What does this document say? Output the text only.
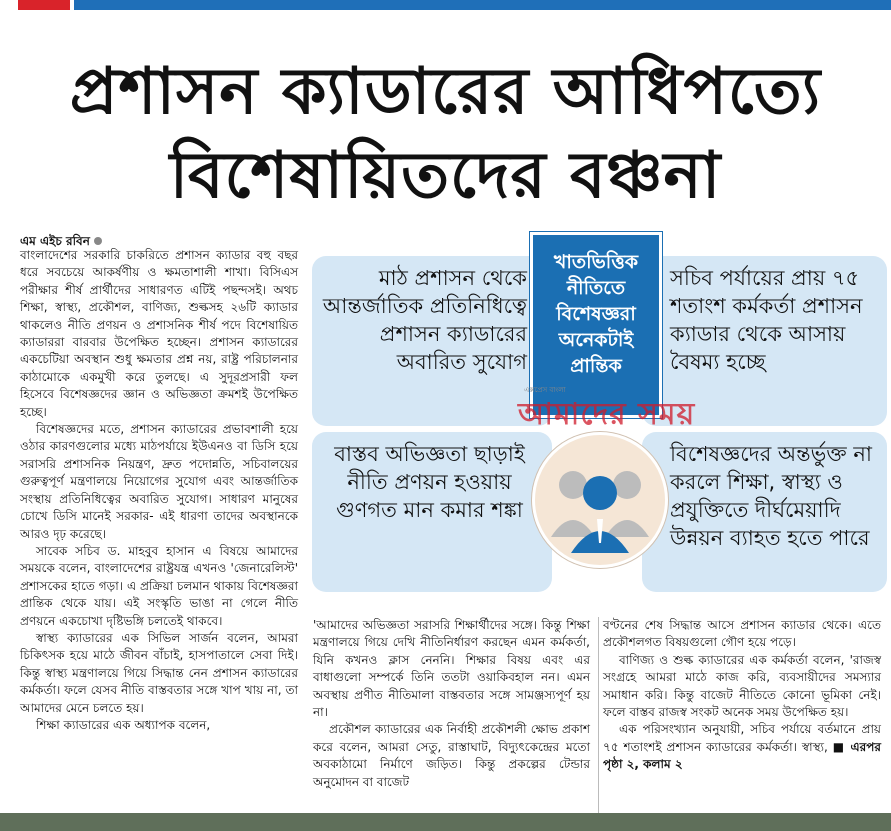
প্রশাসন ক্যাডারের আধিপত্যে
বিশেষায়িতদের বঞ্চনা
এম এইচ রবিন

বাংলাদেশের সরকারি চাকরিতে প্রশাসন ক্যাডার বহু বছর ধরে সবচেয়ে আকর্ষণীয় ও ক্ষমতাশালী শাখা। বিসিএস পরীক্ষার শীর্ষ প্রার্থীদের সাধারণত এটিই পছন্দসই। অথচ শিক্ষা, স্বাস্থ্য, প্রকৌশল, বাণিজ্য, শুল্কসহ ২৬টি ক্যাডার থাকলেও নীতি প্রণয়ন ও প্রশাসনিক শীর্ষ পদে বিশেষায়িত ক্যাডাররা বারবার উপেক্ষিত হচ্ছেন। প্রশাসন ক্যাডারের একচেটিয়া অবস্থান শুধু ক্ষমতার প্রশ্ন নয়, রাষ্ট্র পরিচালনার কাঠামোকে একমুখী করে তুলছে। এ সুদূরপ্রসারী ফল হিসেবে বিশেষজ্ঞদের জ্ঞান ও অভিজ্ঞতা ক্রমশই উপেক্ষিত হচ্ছে।

বিশেষজ্ঞদের মতে, প্রশাসন ক্যাডারের প্রভাবশালী হয়ে ওঠার কারণগুলোর মধ্যে মাঠপর্যায়ে ইউএনও বা ডিসি হয়ে সরাসরি প্রশাসনিক নিয়ন্ত্রণ, দ্রুত পদোন্নতি, সচিবালয়ের গুরুত্বপূর্ণ মন্ত্রণালয়ে নিয়োগের সুযোগ এবং আন্তর্জাতিক সংস্থায় প্রতিনিধিত্বের অবারিত সুযোগ। সাধারণ মানুষের চোখে ডিসি মানেই সরকার- এই ধারণা তাদের অবস্থানকে আরও দৃঢ় করেছে।

সাবেক সচিব ড. মাহবুব হাসান এ বিষয়ে আমাদের সময়কে বলেন, বাংলাদেশের রাষ্ট্রযন্ত্র এখনও 'জেনারেলিস্ট' প্রশাসকের হাতে গড়া। এ প্রক্রিয়া চলমান থাকায় বিশেষজ্ঞরা প্রান্তিক থেকে যায়। এই সংস্কৃতি ভাঙা না গেলে নীতি প্রণয়নে একচোখা দৃষ্টিভঙ্গি চলতেই থাকবে।

স্বাস্থ্য ক্যাডারের এক সিভিল সার্জন বলেন, আমরা চিকিৎসক হয়ে মাঠে জীবন বাঁচাই, হাসপাতালে সেবা দিই। কিন্তু স্বাস্থ্য মন্ত্রণালয়ে গিয়ে সিদ্ধান্ত নেন প্রশাসন ক্যাডারের কর্মকর্তা। ফলে যেসব নীতি বাস্তবতার সঙ্গে খাপ খায় না, তা আমাদের মেনে চলতে হয়।

শিক্ষা ক্যাডারের এক অধ্যাপক বলেন,

মাঠ প্রশাসন থেকে আন্তর্জাতিক প্রতিনিধিত্বে প্রশাসন ক্যাডারের অবারিত সুযোগ
সচিব পর্যায়ের প্রায় ৭৫ শতাংশ কর্মকর্তা প্রশাসন ক্যাডার থেকে আসায় বৈষম্য হচ্ছে
বাস্তব অভিজ্ঞতা ছাড়াই নীতি প্রণয়ন হওয়ায় গুণগত মান কমার শঙ্কা
বিশেষজ্ঞদের অন্তর্ভুক্ত না করলে শিক্ষা, স্বাস্থ্য ও প্রযুক্তিতে দীর্ঘমেয়াদি উন্নয়ন ব্যাহত হতে পারে
খাতভিত্তিক নীতিতে বিশেষজ্ঞরা অনেকটাই প্রান্তিক
এক্সপ্রেস বাংলা
আমাদের সময়

'আমাদের অভিজ্ঞতা সরাসরি শিক্ষার্থীদের সঙ্গে। কিন্তু শিক্ষা মন্ত্রণালয়ে গিয়ে দেখি নীতিনির্ধারণ করছেন এমন কর্মকর্তা, যিনি কখনও ক্লাস নেননি। শিক্ষার বিষয় এবং এর বাধাগুলো সম্পর্কে তিনি ততটা ওয়াকিবহাল নন। এমন অবস্থায় প্রণীত নীতিমালা বাস্তবতার সঙ্গে সামঞ্জস্যপূর্ণ হয় না।

প্রকৌশল ক্যাডারের এক নির্বাহী প্রকৌশলী ক্ষোভ প্রকাশ করে বলেন, আমরা সেতু, রাস্তাঘাট, বিদ্যুৎকেন্দ্রের মতো অবকাঠামো নির্মাণে জড়িত। কিন্তু প্রকল্পের টেন্ডার অনুমোদন বা বাজেট

বণ্টনের শেষ সিদ্ধান্ত আসে প্রশাসন ক্যাডার থেকে। এতে প্রকৌশলগত বিষয়গুলো গৌণ হয়ে পড়ে।

বাণিজ্য ও শুল্ক ক্যাডারের এক কর্মকর্তা বলেন, 'রাজস্ব সংগ্রহে আমরা মাঠে কাজ করি, ব্যবসায়ীদের সমস্যার সমাধান করি। কিন্তু বাজেট নীতিতে কোনো ভূমিকা নেই। ফলে বাস্তব রাজস্ব সংকট অনেক সময় উপেক্ষিত হয়।

এক পরিসংখ্যান অনুযায়ী, সচিব পর্যায়ে বর্তমানে প্রায় ৭৫ শতাংশই প্রশাসন ক্যাডারের কর্মকর্তা। স্বাস্থ্য, ■ এরপর পৃষ্ঠা ২, কলাম ২
